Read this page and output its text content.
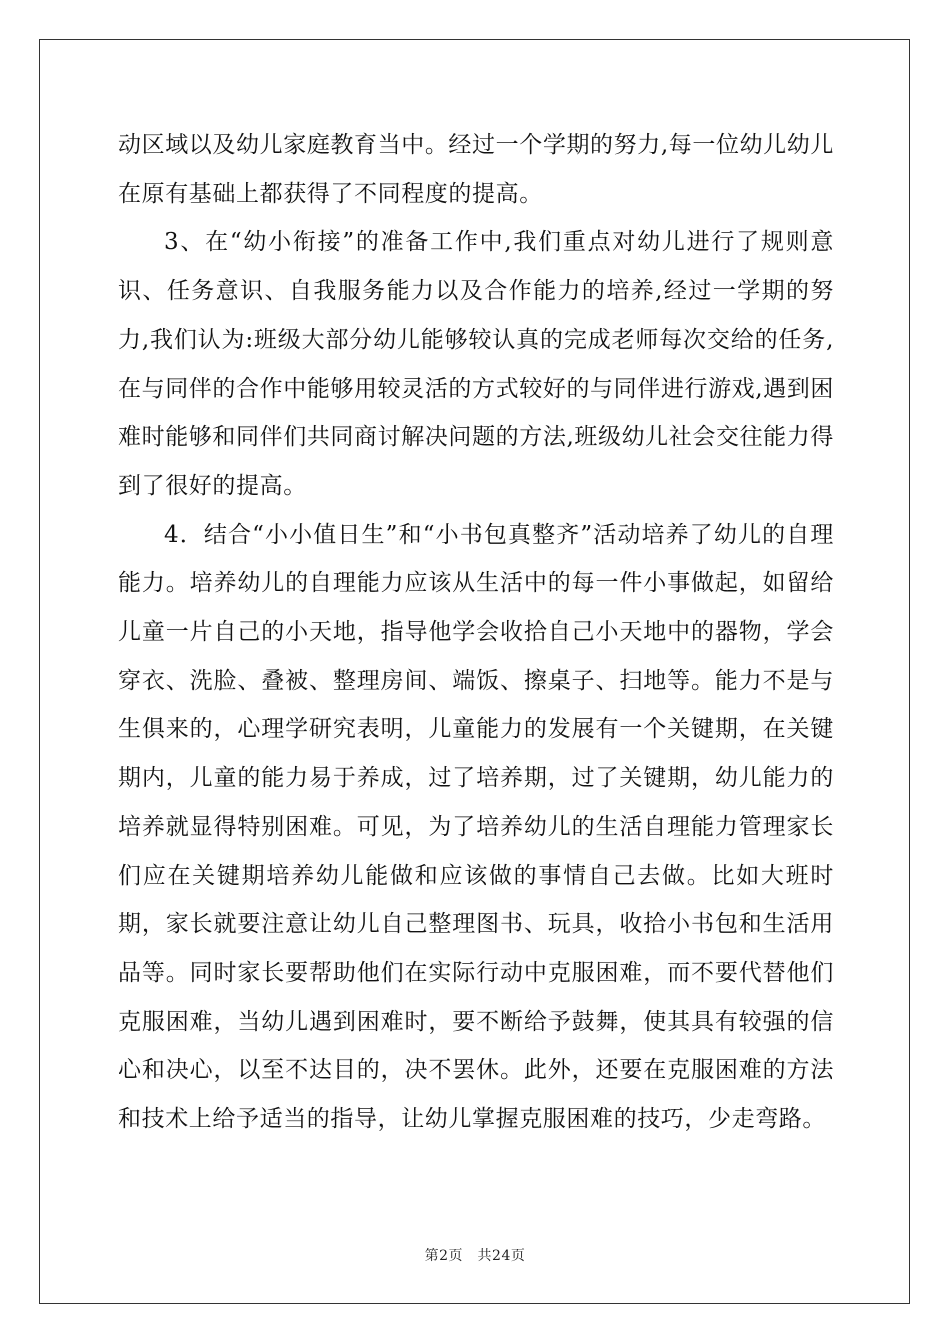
动区域以及幼儿家庭教育当中。经过一个学期的努力,每一位幼儿幼儿在原有基础上都获得了不同程度的提高。

3、在“幼小衔接”的准备工作中,我们重点对幼儿进行了规则意识、任务意识、自我服务能力以及合作能力的培养,经过一学期的努力,我们认为:班级大部分幼儿能够较认真的完成老师每次交给的任务,在与同伴的合作中能够用较灵活的方式较好的与同伴进行游戏,遇到困难时能够和同伴们共同商讨解决问题的方法,班级幼儿社会交往能力得到了很好的提高。

4．结合“小小值日生”和“小书包真整齐”活动培养了幼儿的自理能力。培养幼儿的自理能力应该从生活中的每一件小事做起，如留给儿童一片自己的小天地，指导他学会收拾自己小天地中的器物，学会穿衣、洗脸、叠被、整理房间、端饭、擦桌子、扫地等。能力不是与生俱来的，心理学研究表明，儿童能力的发展有一个关键期，在关键期内，儿童的能力易于养成，过了培养期，过了关键期，幼儿能力的培养就显得特别困难。可见，为了培养幼儿的生活自理能力管理家长们应在关键期培养幼儿能做和应该做的事情自己去做。比如大班时期，家长就要注意让幼儿自己整理图书、玩具，收拾小书包和生活用品等。同时家长要帮助他们在实际行动中克服困难，而不要代替他们克服困难，当幼儿遇到困难时，要不断给予鼓舞，使其具有较强的信心和决心，以至不达目的，决不罢休。此外，还要在克服困难的方法和技术上给予适当的指导，让幼儿掌握克服困难的技巧，少走弯路。

第2页　共24页
